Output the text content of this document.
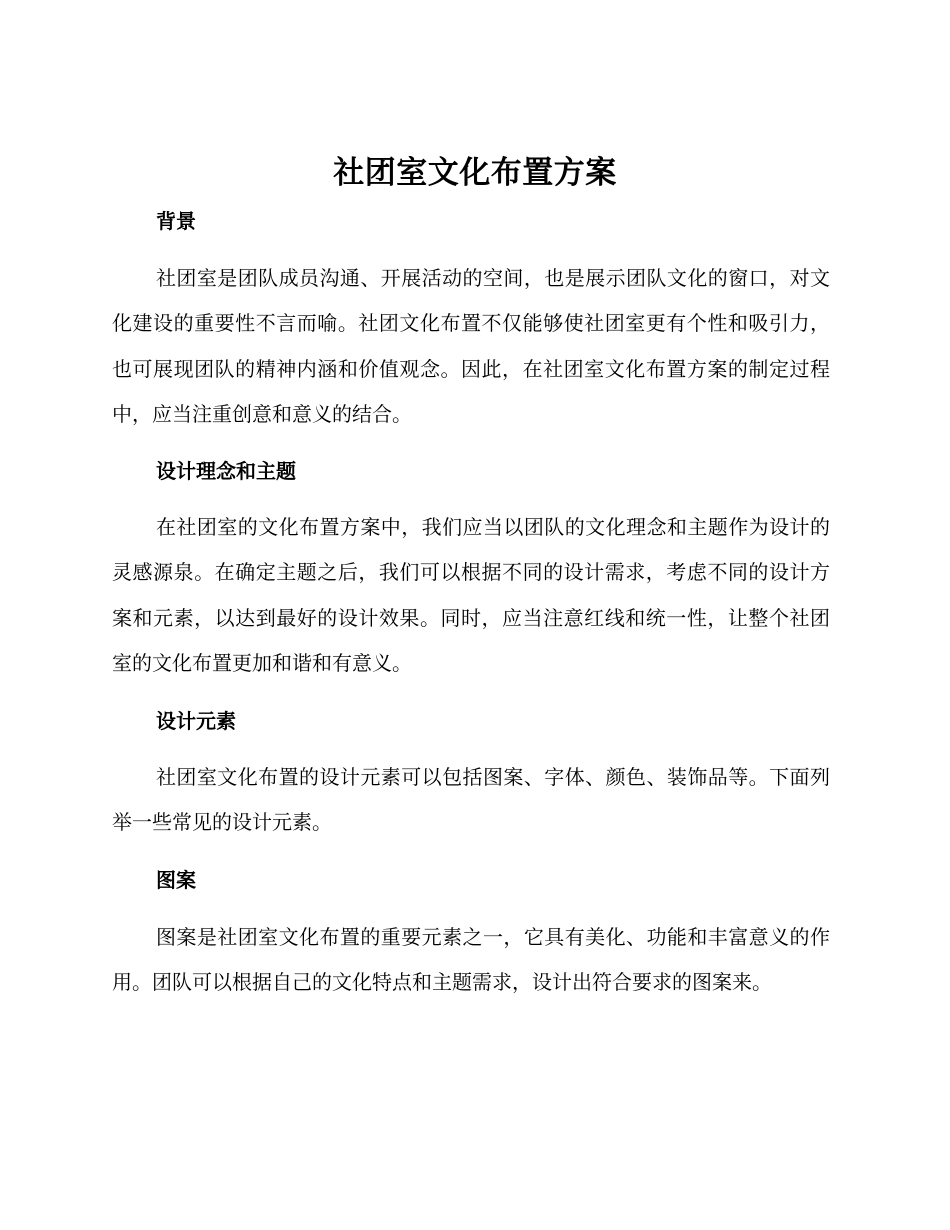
社团室文化布置方案
背景

社团室是团队成员沟通、开展活动的空间，也是展示团队文化的窗口，对文化建设的重要性不言而喻。社团文化布置不仅能够使社团室更有个性和吸引力，也可展现团队的精神内涵和价值观念。因此，在社团室文化布置方案的制定过程中，应当注重创意和意义的结合。

设计理念和主题

在社团室的文化布置方案中，我们应当以团队的文化理念和主题作为设计的灵感源泉。在确定主题之后，我们可以根据不同的设计需求，考虑不同的设计方案和元素，以达到最好的设计效果。同时，应当注意红线和统一性，让整个社团室的文化布置更加和谐和有意义。

设计元素

社团室文化布置的设计元素可以包括图案、字体、颜色、装饰品等。下面列举一些常见的设计元素。

图案

图案是社团室文化布置的重要元素之一，它具有美化、功能和丰富意义的作用。团队可以根据自己的文化特点和主题需求，设计出符合要求的图案来。
